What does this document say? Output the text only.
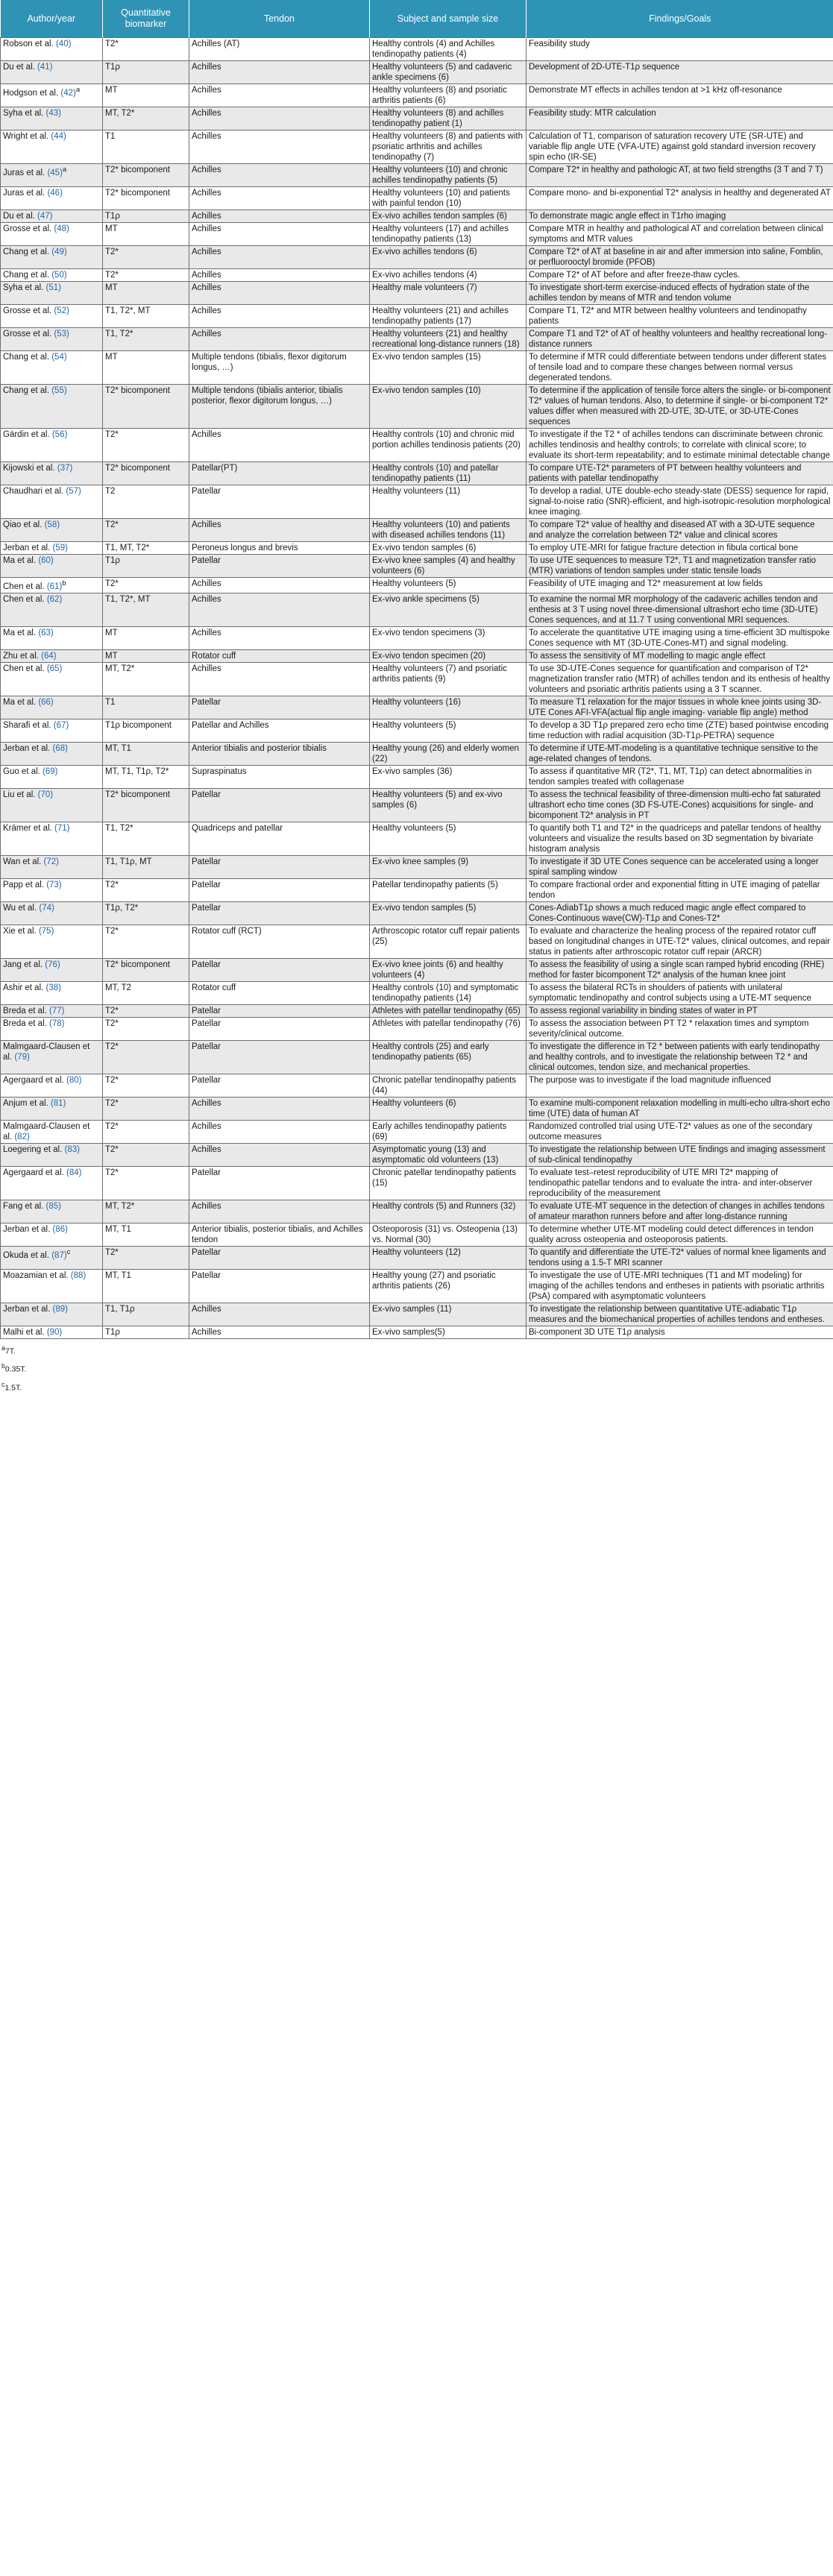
Author/year	Quantitative biomarker	Tendon	Subject and sample size	Findings/Goals
Robson et al. (40)	T2*	Achilles (AT)	Healthy controls (4) and Achilles tendinopathy patients (4)	Feasibility study
Du et al. (41)	T1ρ	Achilles	Healthy volunteers (5) and cadaveric ankle specimens (6)	Development of 2D-UTE-T1ρ sequence
Hodgson et al. $(42)^a$	MT	Achilles	Healthy volunteers (8) and psoriatic arthritis patients (6)	Demonstrate MT effects in achilles tendon at >1 kHz off-resonance
Syha et al. (43)	MT, T2*	Achilles	Healthy volunteers (8) and achilles tendinopathy patient (1)	Feasibility study: MTR calculation
Wright et al. (44)	T1	Achilles	Healthy volunteers (8) and patients with psoriatic arthritis and achilles tendinopathy (7)	Calculation of T1, comparison of saturation recovery UTE (SR-UTE) and variable flip angle UTE (VFA-UTE) against gold standard inversion recovery spin echo (IR-SE)
Juras et al. $(45)^a$	T2* bicomponent	Achilles	Healthy volunteers (10) and chronic achilles tendinopathy patients (5)	Compare T2* in healthy and pathologic AT, at two field strengths (3 T and 7 T)
Juras et al. (46)	T2* bicomponent	Achilles	Healthy volunteers (10) and patients with painful tendon (10)	Compare mono- and bi-exponential T2* analysis in healthy and degenerated AT
Du et al. (47)	T1ρ	Achilles	Ex-vivo achilles tendon samples (6)	To demonstrate magic angle effect in T1rho imaging
Grosse et al. (48)	MT	Achilles	Healthy volunteers (17) and achilles tendinopathy patients (13)	Compare MTR in healthy and pathological AT and correlation between clinical symptoms and MTR values
Chang et al. (49)	T2*	Achilles	Ex-vivo achilles tendons (6)	Compare T2* of AT at baseline in air and after immersion into saline, Fomblin, or perfluorooctyl bromide (PFOB)
Chang et al. (50)	T2*	Achilles	Ex-vivo achilles tendons (4)	Compare T2* of AT before and after freeze-thaw cycles.
Syha et al. (51)	MT	Achilles	Healthy male volunteers (7)	To investigate short-term exercise-induced effects of hydration state of the achilles tendon by means of MTR and tendon volume
Grosse et al. (52)	T1, T2*, MT	Achilles	Healthy volunteers (21) and achilles tendinopathy patients (17)	Compare T1, T2* and MTR between healthy volunteers and tendinopathy patients
Grosse et al. (53)	T1, T2*	Achilles	Healthy volunteers (21) and healthy recreational long-distance runners (18)	Compare T1 and T2* of AT of healthy volunteers and healthy recreational long-distance runners
Chang et al. (54)	MT	Multiple tendons (tibialis, flexor digitorum longus, …)	Ex-vivo tendon samples (15)	To determine if MTR could differentiate between tendons under different states of tensile load and to compare these changes between normal versus degenerated tendons.
Chang et al. (55)	T2* bicomponent	Multiple tendons (tibialis anterior, tibialis posterior, flexor digitorum longus, …)	Ex-vivo tendon samples (10)	To determine if the application of tensile force alters the single- or bi-component T2* values of human tendons. Also, to determine if single- or bi-component T2* values differ when measured with 2D-UTE, 3D-UTE, or 3D-UTE-Cones sequences
Gärdin et al. (56)	T2*	Achilles	Healthy controls (10) and chronic mid portion achilles tendinosis patients (20)	To investigate if the T2 * of achilles tendons can discriminate between chronic achilles tendinosis and healthy controls; to correlate with clinical score; to evaluate its short-term repeatability; and to estimate minimal detectable change
Kijowski et al. (37)	T2* bicomponent	Patellar(PT)	Healthy controls (10) and patellar tendinopathy patients (11)	To compare UTE-T2* parameters of PT between healthy volunteers and patients with patellar tendinopathy
Chaudhari et al. (57)	T2	Patellar	Healthy volunteers (11)	To develop a radial, UTE double-echo steady-state (DESS) sequence for rapid, signal-to-noise ratio (SNR)-efficient, and high-isotropic-resolution morphological knee imaging.
Qiao et al. (58)	T2*	Achilles	Healthy volunteers (10) and patients with diseased achilles tendons (11)	To compare T2* value of healthy and diseased AT with a 3D-UTE sequence and analyze the correlation between T2* value and clinical scores
Jerban et al. (59)	T1, MT, T2*	Peroneus longus and brevis	Ex-vivo tendon samples (6)	To employ UTE-MRI for fatigue fracture detection in fibula cortical bone
Ma et al. (60)	T1ρ	Patellar	Ex-vivo knee samples (4) and healthy volunteers (6)	To use UTE sequences to measure T2*, T1 and magnetization transfer ratio (MTR) variations of tendon samples under static tensile loads
Chen et al. $(61)^b$	T2*	Achilles	Healthy volunteers (5)	Feasibility of UTE imaging and T2* measurement at low fields
Chen et al. (62)	T1, T2*, MT	Achilles	Ex-vivo ankle specimens (5)	To examine the normal MR morphology of the cadaveric achilles tendon and enthesis at 3 T using novel three-dimensional ultrashort echo time (3D-UTE) Cones sequences, and at 11.7 T using conventional MRI sequences.
Ma et al. (63)	MT	Achilles	Ex-vivo tendon specimens (3)	To accelerate the quantitative UTE imaging using a time-efficient 3D multispoke Cones sequence with MT (3D-UTE-Cones-MT) and signal modeling.
Zhu et al. (64)	MT	Rotator cuff	Ex-vivo tendon specimen (20)	To assess the sensitivity of MT modelling to magic angle effect
Chen et al. (65)	MT, T2*	Achilles	Healthy volunteers (7) and psoriatic arthritis patients (9)	To use 3D-UTE-Cones sequence for quantification and comparison of T2* magnetization transfer ratio (MTR) of achilles tendon and its enthesis of healthy volunteers and psoriatic arthritis patients using a 3 T scanner.
Ma et al. (66)	T1	Patellar	Healthy volunteers (16)	To measure T1 relaxation for the major tissues in whole knee joints using 3D-UTE Cones AFI-VFA(actual flip angle imaging- variable flip angle) method
Sharafi et al. (67)	T1ρ bicomponent	Patellar and Achilles	Healthy volunteers (5)	To develop a 3D T1ρ prepared zero echo time (ZTE) based pointwise encoding time reduction with radial acquisition (3D-T1ρ-PETRA) sequence
Jerban et al. (68)	MT, T1	Anterior tibialis and posterior tibialis	Healthy young (26) and elderly women (22)	To determine if UTE-MT-modeling is a quantitative technique sensitive to the age-related changes of tendons.
Guo et al. (69)	MT, T1, T1ρ, T2*	Supraspinatus	Ex-vivo samples (36)	To assess if quantitative MR (T2*, T1, MT, T1ρ) can detect abnormalities in tendon samples treated with collagenase
Liu et al. (70)	T2* bicomponent	Patellar	Healthy volunteers (5) and ex-vivo samples (6)	To assess the technical feasibility of three-dimension multi-echo fat saturated ultrashort echo time cones (3D FS-UTE-Cones) acquisitions for single- and bicomponent T2* analysis in PT
Krämer et al. (71)	T1, T2*	Quadriceps and patellar	Healthy volunteers (5)	To quantify both T1 and T2* in the quadriceps and patellar tendons of healthy volunteers and visualize the results based on 3D segmentation by bivariate histogram analysis
Wan et al. (72)	T1, T1ρ, MT	Patellar	Ex-vivo knee samples (9)	To investigate if 3D UTE Cones sequence can be accelerated using a longer spiral sampling window
Papp et al. (73)	T2*	Patellar	Patellar tendinopathy patients (5)	To compare fractional order and exponential fitting in UTE imaging of patellar tendon
Wu et al. (74)	T1ρ, T2*	Patellar	Ex-vivo tendon samples (5)	Cones-AdiabT1ρ shows a much reduced magic angle effect compared to Cones-Continuous wave(CW)-T1ρ and Cones-T2*
Xie et al. (75)	T2*	Rotator cuff (RCT)	Arthroscopic rotator cuff repair patients (25)	To evaluate and characterize the healing process of the repaired rotator cuff based on longitudinal changes in UTE-T2* values, clinical outcomes, and repair status in patients after arthroscopic rotator cuff repair (ARCR)
Jang et al. (76)	T2* bicomponent	Patellar	Ex-vivo knee joints (6) and healthy volunteers (4)	To assess the feasibility of using a single scan ramped hybrid encoding (RHE) method for faster bicomponent T2* analysis of the human knee joint
Ashir et al. (38)	MT, T2	Rotator cuff	Healthy controls (10) and symptomatic tendinopathy patients (14)	To assess the bilateral RCTs in shoulders of patients with unilateral symptomatic tendinopathy and control subjects using a UTE-MT sequence
Breda et al. (77)	T2*	Patellar	Athletes with patellar tendinopathy (65)	To assess regional variability in binding states of water in PT
Breda et al. (78)	T2*	Patellar	Athletes with patellar tendinopathy (76)	To assess the association between PT T2 * relaxation times and symptom severity/clinical outcome.
Malmgaard-Clausen et al. (79)	T2*	Patellar	Healthy controls (25) and early tendinopathy patients (65)	To investigate the difference in T2 * between patients with early tendinopathy and healthy controls, and to investigate the relationship between T2 * and clinical outcomes, tendon size, and mechanical properties.
Agergaard et al. (80)	T2*	Patellar	Chronic patellar tendinopathy patients (44)	The purpose was to investigate if the load magnitude influenced
Anjum et al. (81)	T2*	Achilles	Healthy volunteers (6)	To examine multi-component relaxation modelling in multi-echo ultra-short echo time (UTE) data of human AT
Malmgaard-Clausen et al. (82)	T2*	Achilles	Early achilles tendinopathy patients (69)	Randomized controlled trial using UTE-T2* values as one of the secondary outcome measures
Loegering et al. (83)	T2*	Achilles	Asymptomatic young (13) and asymptomatic old volunteers (13)	To investigate the relationship between UTE findings and imaging assessment of sub-clinical tendinopathy
Agergaard et al. (84)	T2*	Patellar	Chronic patellar tendinopathy patients (15)	To evaluate test–retest reproducibility of UTE MRI T2* mapping of tendinopathic patellar tendons and to evaluate the intra- and inter-observer reproducibility of the measurement
Fang et al. (85)	MT, T2*	Achilles	Healthy controls (5) and Runners (32)	To evaluate UTE-MT sequence in the detection of changes in achilles tendons of amateur marathon runners before and after long-distance running
Jerban et al. (86)	MT, T1	Anterior tibialis, posterior tibialis, and Achilles tendon	Osteoporosis (31) vs. Osteopenia (13) vs. Normal (30)	To determine whether UTE-MT modeling could detect differences in tendon quality across osteopenia and osteoporosis patients.
Okuda et al. $(87)^c$	T2*	Patellar	Healthy volunteers (12)	To quantify and differentiate the UTE-T2* values of normal knee ligaments and tendons using a 1.5-T MRI scanner
Moazamian et al. (88)	MT, T1	Patellar	Healthy young (27) and psoriatic arthritis patients (26)	To investigate the use of UTE-MRI techniques (T1 and MT modeling) for imaging of the achilles tendons and entheses in patients with psoriatic arthritis (PsA) compared with asymptomatic volunteers
Jerban et al. (89)	T1, T1ρ	Achilles	Ex-vivo samples (11)	To investigate the relationship between quantitative UTE-adiabatic T1ρ measures and the biomechanical properties of achilles tendons and entheses.
Malhi et al. (90)	T1ρ	Achilles	Ex-vivo samples(5)	Bi-component 3D UTE T1ρ analysis
$^a$7T.
$^b$0.35T.
$^c$1.5T.
